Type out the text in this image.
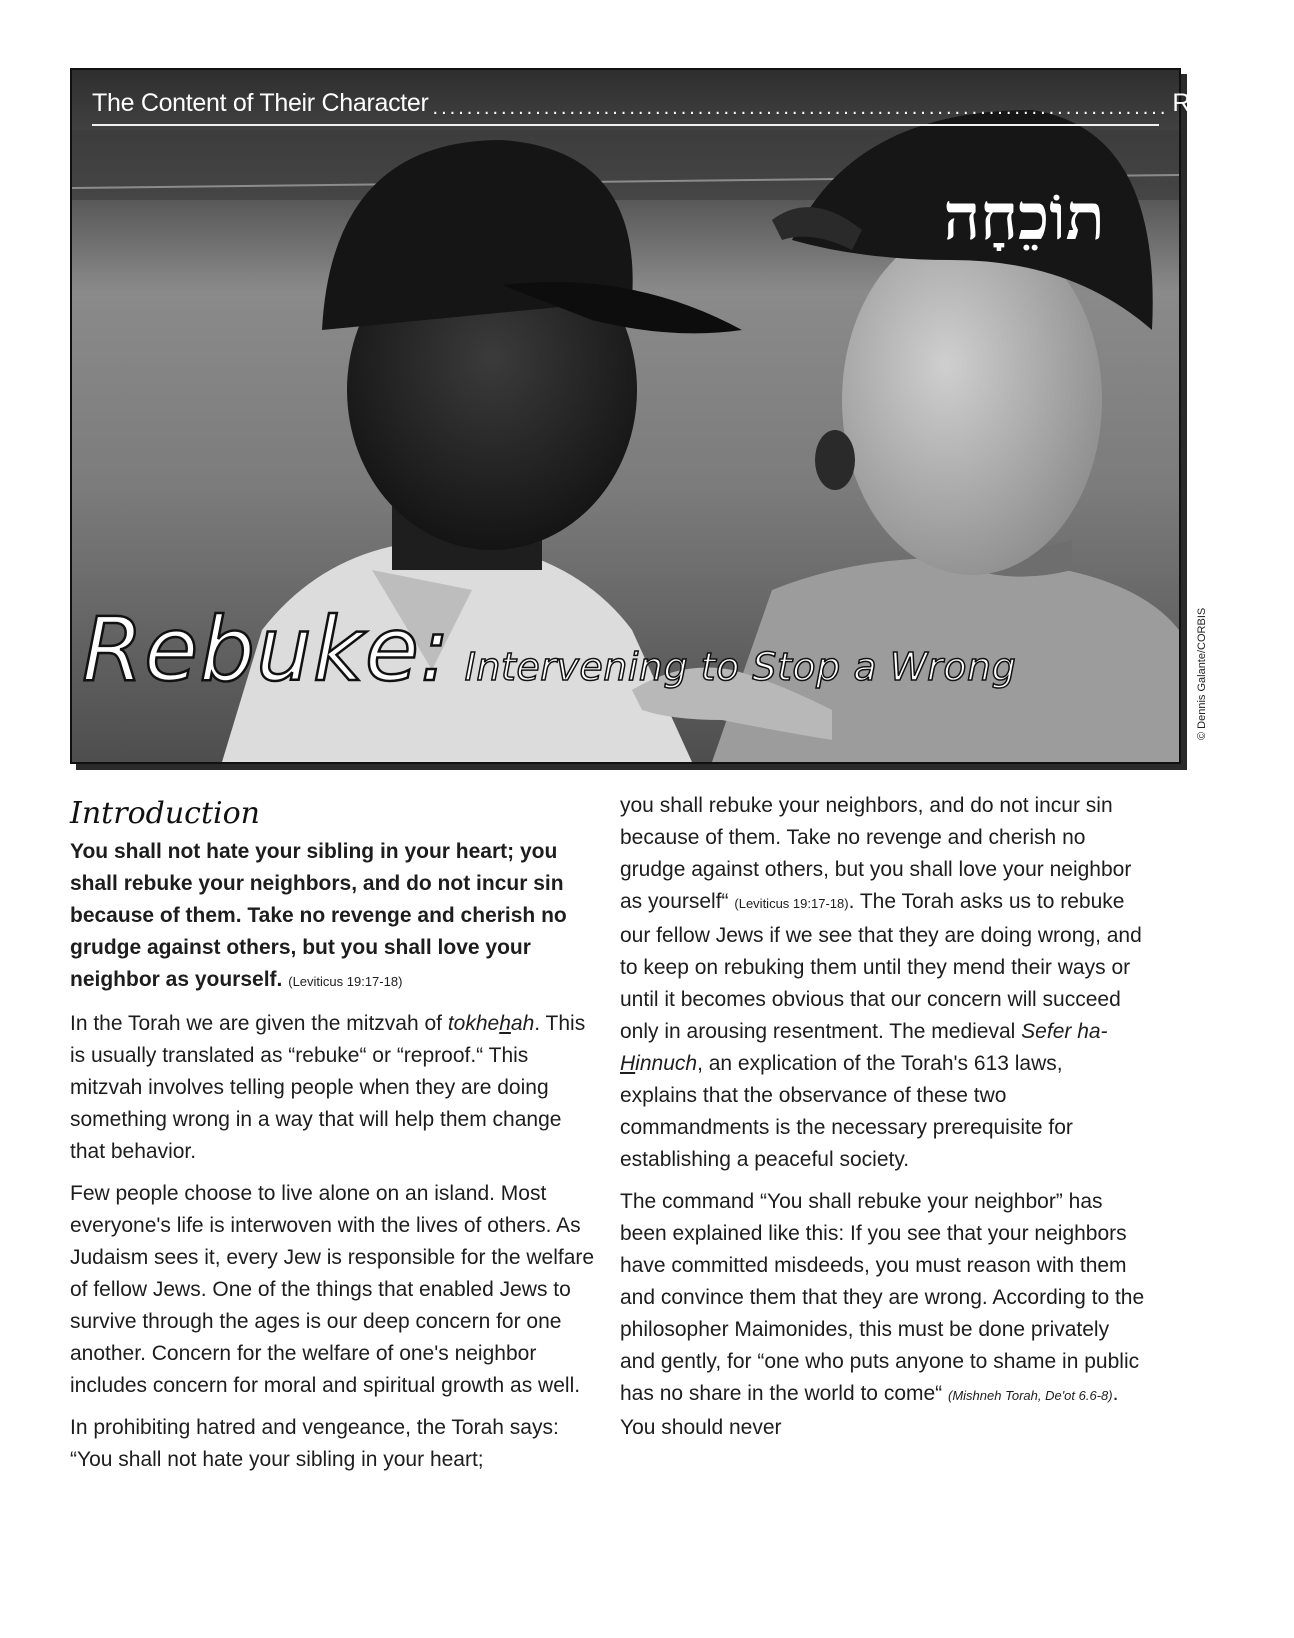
The Content of Their Character ...................................................................................... Ron Isaacs
תוֹכֵחָה
Rebuke: Intervening to Stop a Wrong	© Dennis Galante/CORBIS
Introduction

You shall not hate your sibling in your heart; you shall rebuke your neighbors, and do not incur sin because of them. Take no revenge and cherish no grudge against others, but you shall love your neighbor as yourself. (Leviticus 19:17-18)

In the Torah we are given the mitzvah of tokhehah. This is usually translated as “rebuke“ or “reproof.“ This mitzvah involves telling people when they are doing something wrong in a way that will help them change that behavior.

Few people choose to live alone on an island. Most everyone's life is interwoven with the lives of others. As Judaism sees it, every Jew is responsible for the welfare of fellow Jews. One of the things that enabled Jews to survive through the ages is our deep concern for one another. Concern for the welfare of one's neighbor includes concern for moral and spiritual growth as well.

In prohibiting hatred and vengeance, the Torah says: “You shall not hate your sibling in your heart;

you shall rebuke your neighbors, and do not incur sin because of them. Take no revenge and cherish no grudge against others, but you shall love your neighbor as yourself“ (Leviticus 19:17-18). The Torah asks us to rebuke our fellow Jews if we see that they are doing wrong, and to keep on rebuking them until they mend their ways or until it becomes obvious that our concern will succeed only in arousing resentment. The medieval Sefer ha-Hinnuch, an explication of the Torah's 613 laws, explains that the observance of these two commandments is the necessary prerequisite for establishing a peaceful society.

The command “You shall rebuke your neighbor” has been explained like this: If you see that your neighbors have committed misdeeds, you must reason with them and convince them that they are wrong. According to the philosopher Maimonides, this must be done privately and gently, for “one who puts anyone to shame in public has no share in the world to come“ (Mishneh Torah, De'ot 6.6-8). You should never
